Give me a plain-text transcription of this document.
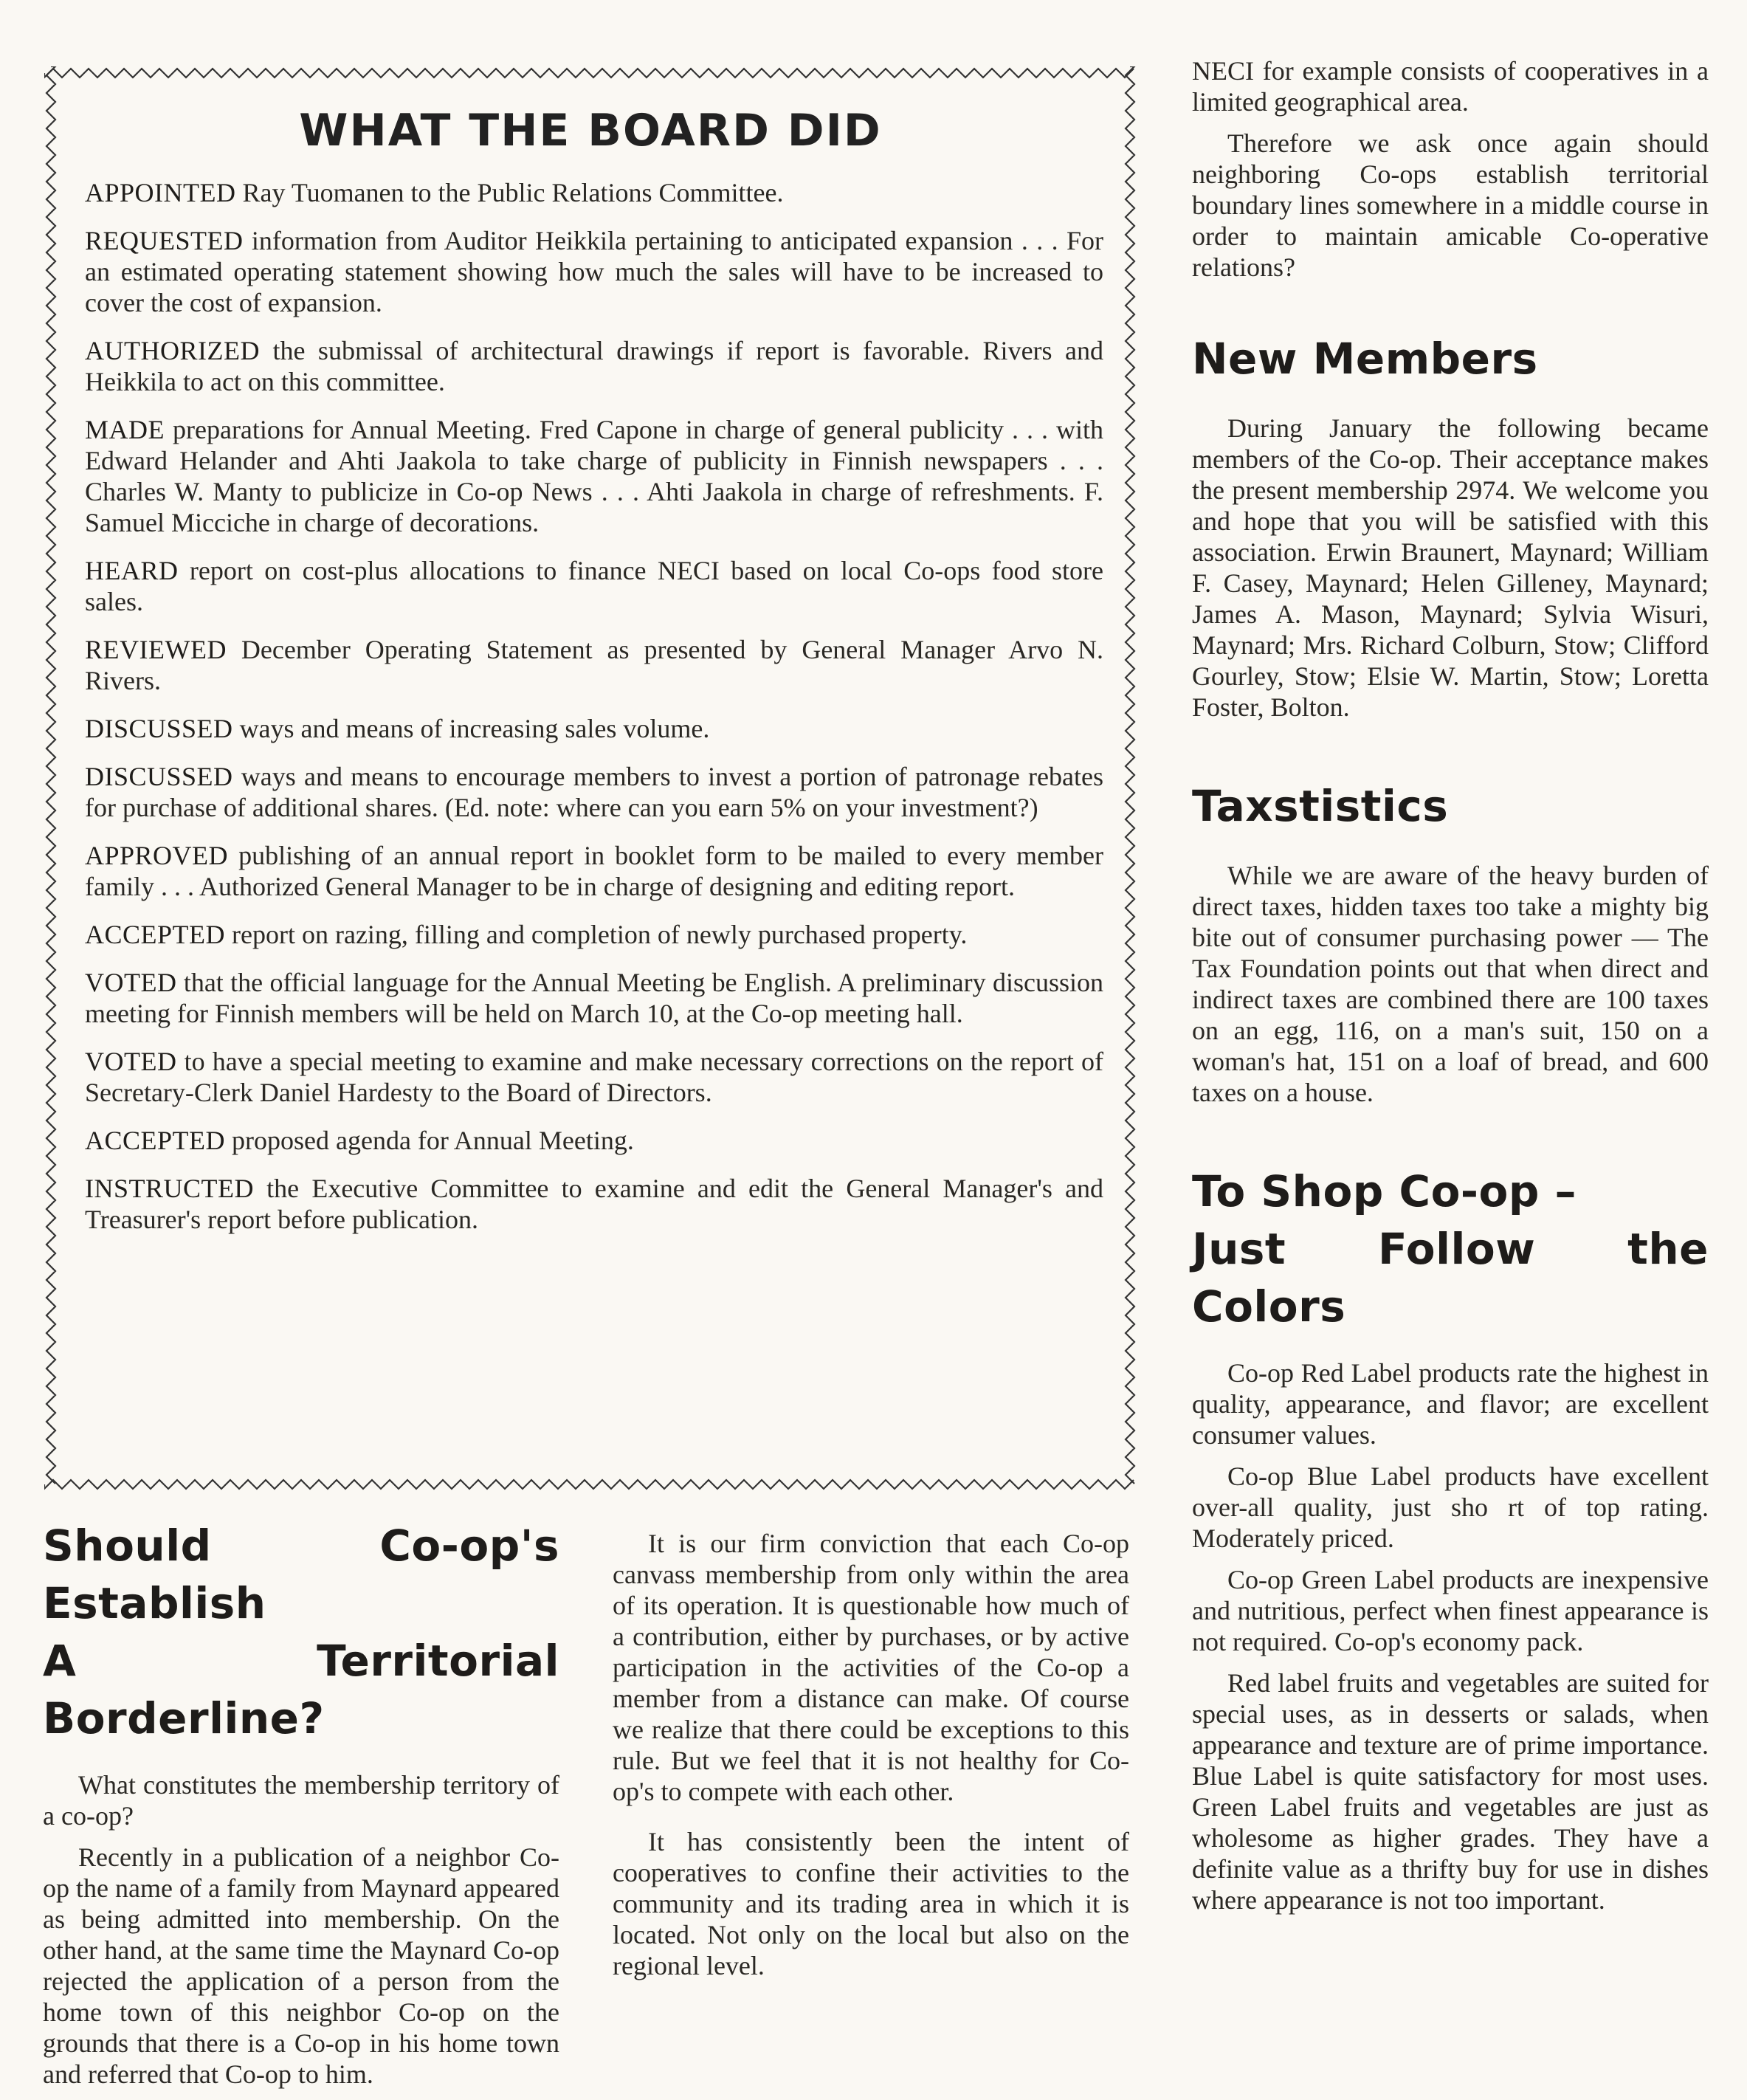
WHAT THE BOARD DID
APPOINTED Ray Tuomanen to the Public Relations Committee.
REQUESTED information from Auditor Heikkila pertaining to anticipated expansion . . . For an estimated operating statement showing how much the sales will have to be increased to cover the cost of expansion.
AUTHORIZED the submissal of architectural drawings if report is favorable. Rivers and Heikkila to act on this committee.
MADE preparations for Annual Meeting. Fred Capone in charge of general publicity . . . with Edward Helander and Ahti Jaakola to take charge of publicity in Finnish newspapers . . . Charles W. Manty to publicize in Co-op News . . . Ahti Jaakola in charge of refreshments. F. Samuel Micciche in charge of decorations.
HEARD report on cost-plus allocations to finance NECI based on local Co-ops food store sales.
REVIEWED December Operating Statement as presented by General Manager Arvo N. Rivers.
DISCUSSED ways and means of increasing sales volume.
DISCUSSED ways and means to encourage members to invest a portion of patronage rebates for purchase of additional shares. (Ed. note: where can you earn 5% on your investment?)
APPROVED publishing of an annual report in booklet form to be mailed to every member family . . . Authorized General Manager to be in charge of designing and editing report.
ACCEPTED report on razing, filling and completion of newly purchased property.
VOTED that the official language for the Annual Meeting be English. A preliminary discussion meeting for Finnish members will be held on March 10, at the Co-op meeting hall.
VOTED to have a special meeting to examine and make necessary corrections on the report of Secretary-Clerk Daniel Hardesty to the Board of Directors.
ACCEPTED proposed agenda for Annual Meeting.
INSTRUCTED the Executive Committee to examine and edit the General Manager's and Treasurer's report before publication.
Should Co-op's Establish
A Territorial Borderline?

What constitutes the membership territory of a co-op?

Recently in a publication of a neighbor Co-op the name of a family from Maynard appeared as being admitted into membership. On the other hand, at the same time the Maynard Co-op rejected the application of a person from the home town of this neighbor Co-op on the grounds that there is a Co-op in his home town and referred that Co-op to him.

It is our firm conviction that each Co-op canvass membership from only within the area of its operation. It is questionable how much of a contribution, either by purchases, or by active participation in the activities of the Co-op a member from a distance can make. Of course we realize that there could be exceptions to this rule. But we feel that it is not healthy for Co-op's to compete with each other.

It has consistently been the intent of cooperatives to confine their activities to the community and its trading area in which it is located. Not only on the local but also on the regional level.

NECI for example consists of cooperatives in a limited geographical area.

Therefore we ask once again should neighboring Co-ops establish territorial boundary lines somewhere in a middle course in order to maintain amicable Co-operative relations?

New Members

During January the following became members of the Co-op. Their acceptance makes the present membership 2974. We welcome you and hope that you will be satisfied with this association. Erwin Braunert, Maynard; William F. Casey, Maynard; Helen Gilleney, Maynard; James A. Mason, Maynard; Sylvia Wisuri, Maynard; Mrs. Richard Colburn, Stow; Clifford Gourley, Stow; Elsie W. Martin, Stow; Loretta Foster, Bolton.

Taxstistics

While we are aware of the heavy burden of direct taxes, hidden taxes too take a mighty big bite out of consumer purchasing power — The Tax Foundation points out that when direct and indirect taxes are combined there are 100 taxes on an egg, 116, on a man's suit, 150 on a woman's hat, 151 on a loaf of bread, and 600 taxes on a house.

To Shop Co-op –
Just Follow the Colors

Co-op Red Label products rate the highest in quality, appearance, and flavor; are excellent consumer values.

Co-op Blue Label products have excellent over-all quality, just sho rt of top rating. Moderately priced.

Co-op Green Label products are inexpensive and nutritious, perfect when finest appearance is not required. Co-op's economy pack.

Red label fruits and vegetables are suited for special uses, as in desserts or salads, when appearance and texture are of prime importance. Blue Label is quite satisfactory for most uses. Green Label fruits and vegetables are just as wholesome as higher grades. They have a definite value as a thrifty buy for use in dishes where appearance is not too important.
